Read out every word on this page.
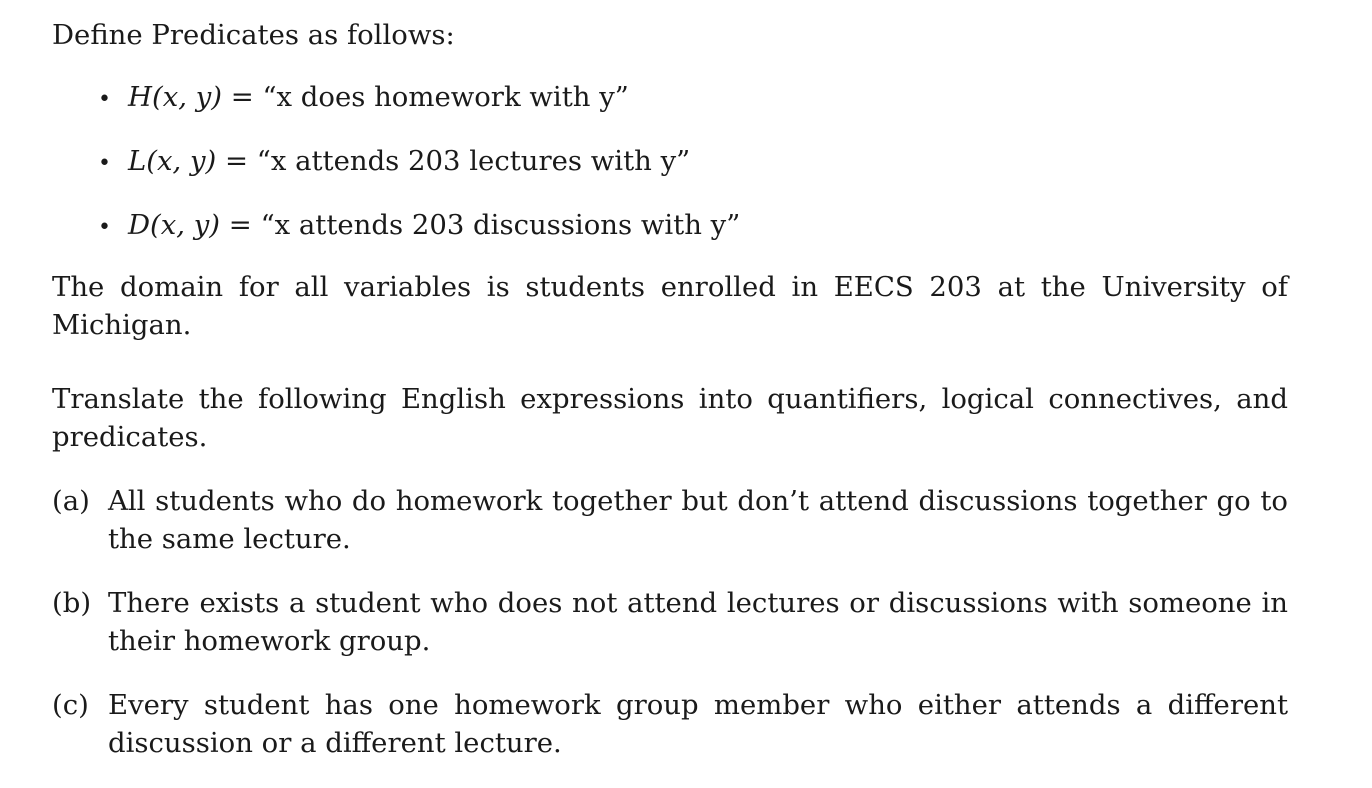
Define Predicates as follows:

• H(x, y) = “x does homework with y”
• L(x, y) = “x attends 203 lectures with y”
• D(x, y) = “x attends 203 discussions with y”

The domain for all variables is students enrolled in EECS 203 at the University of Michigan.

Translate the following English expressions into quantifiers, logical connectives, and predicates.

(a) All students who do homework together but don’t attend discussions together go to the same lecture.
(b) There exists a student who does not attend lectures or discussions with someone in their homework group.
(c) Every student has one homework group member who either attends a different discussion or a different lecture.
